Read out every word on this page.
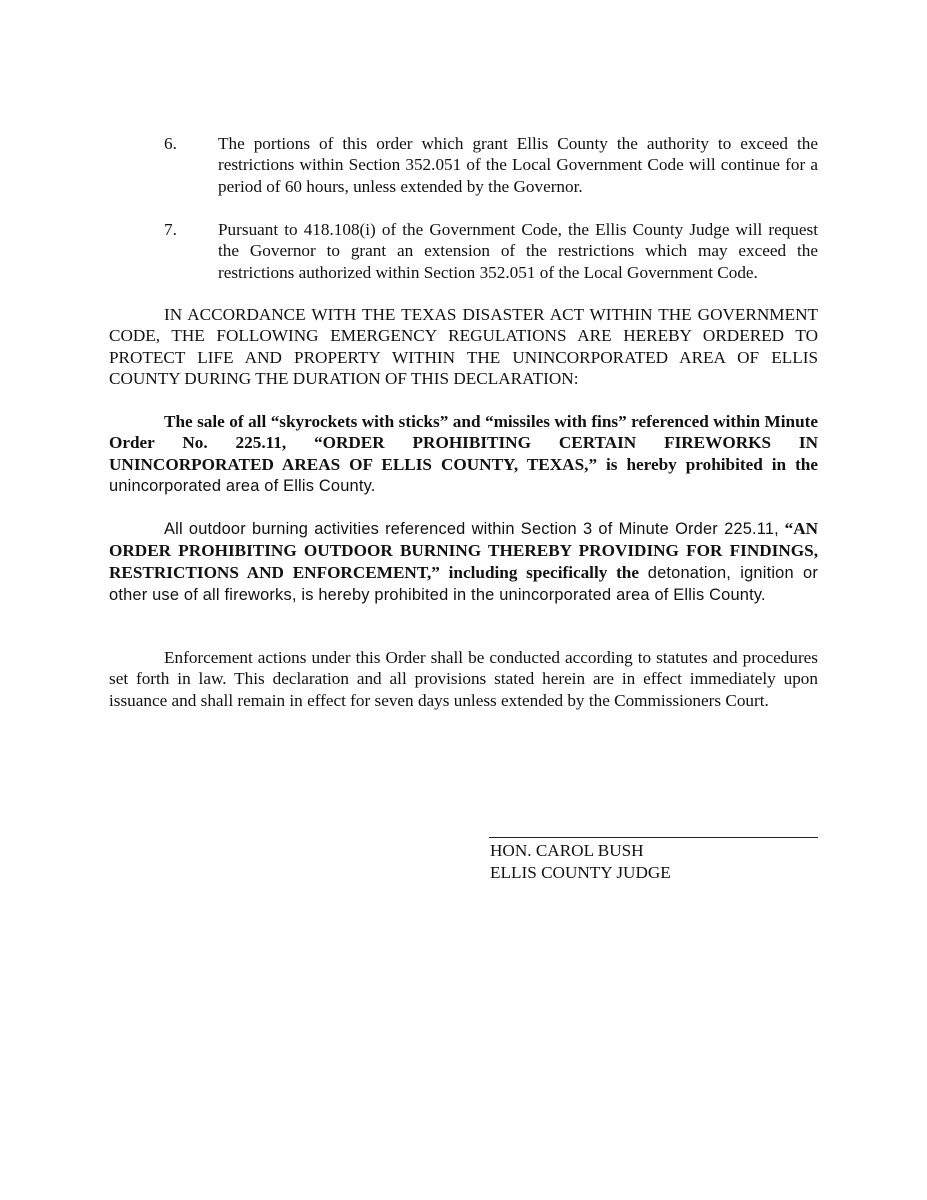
6. The portions of this order which grant Ellis County the authority to exceed the restrictions within Section 352.051 of the Local Government Code will continue for a period of 60 hours, unless extended by the Governor.
7. Pursuant to 418.108(i) of the Government Code, the Ellis County Judge will request the Governor to grant an extension of the restrictions which may exceed the restrictions authorized within Section 352.051 of the Local Government Code.

IN ACCORDANCE WITH THE TEXAS DISASTER ACT WITHIN THE GOVERNMENT CODE, THE FOLLOWING EMERGENCY REGULATIONS ARE HEREBY ORDERED TO PROTECT LIFE AND PROPERTY WITHIN THE UNINCORPORATED AREA OF ELLIS COUNTY DURING THE DURATION OF THIS DECLARATION:

The sale of all “skyrockets with sticks” and “missiles with fins” referenced within Minute Order No. 225.11, “ORDER PROHIBITING CERTAIN FIREWORKS IN UNINCORPORATED AREAS OF ELLIS COUNTY, TEXAS,” is hereby prohibited in the unincorporated area of Ellis County.

All outdoor burning activities referenced within Section 3 of Minute Order 225.11, “AN ORDER PROHIBITING OUTDOOR BURNING THEREBY PROVIDING FOR FINDINGS, RESTRICTIONS AND ENFORCEMENT,” including specifically the detonation, ignition or other use of all fireworks, is hereby prohibited in the unincorporated area of Ellis County.

Enforcement actions under this Order shall be conducted according to statutes and procedures set forth in law. This declaration and all provisions stated herein are in effect immediately upon issuance and shall remain in effect for seven days unless extended by the Commissioners Court.

HON. CAROL BUSH
ELLIS COUNTY JUDGE
